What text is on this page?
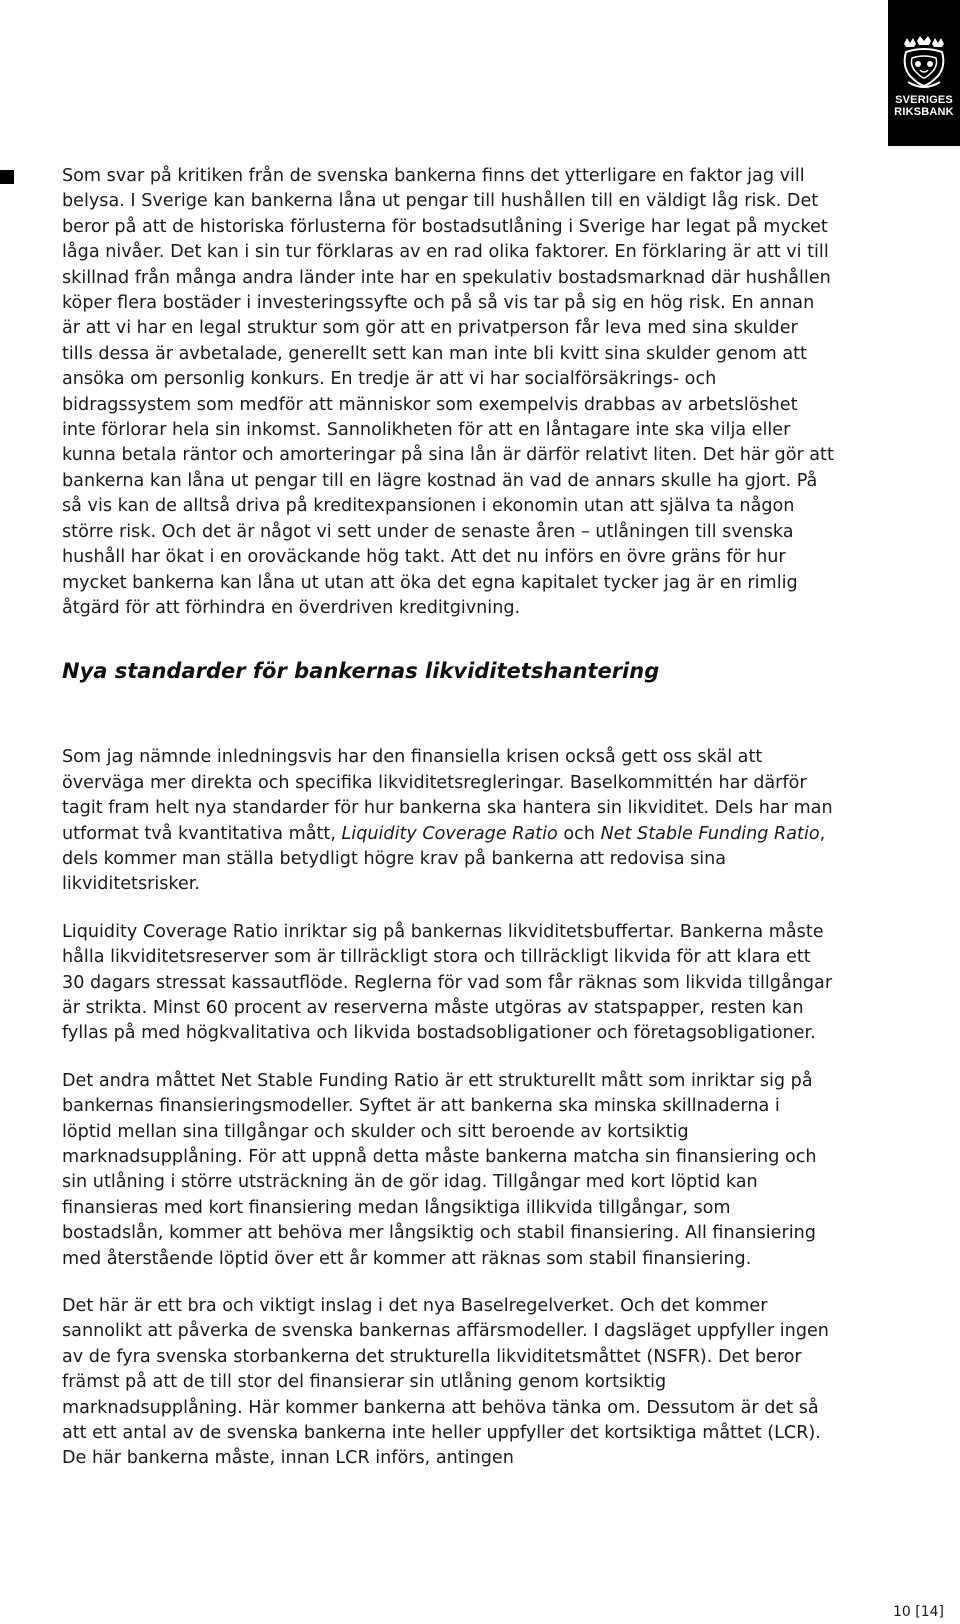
SVERIGES
RIKSBANK

Som svar på kritiken från de svenska bankerna finns det ytterligare en faktor jag vill belysa. I Sverige kan bankerna låna ut pengar till hushållen till en väldigt låg risk. Det beror på att de historiska förlusterna för bostadsutlåning i Sverige har legat på mycket låga nivåer. Det kan i sin tur förklaras av en rad olika faktorer. En förklaring är att vi till skillnad från många andra länder inte har en spekulativ bostadsmarknad där hushållen köper flera bostäder i investeringssyfte och på så vis tar på sig en hög risk. En annan är att vi har en legal struktur som gör att en privatperson får leva med sina skulder tills dessa är avbetalade, generellt sett kan man inte bli kvitt sina skulder genom att ansöka om personlig konkurs. En tredje är att vi har socialförsäkrings- och bidragssystem som medför att människor som exempelvis drabbas av arbetslöshet inte förlorar hela sin inkomst. Sannolikheten för att en låntagare inte ska vilja eller kunna betala räntor och amorteringar på sina lån är därför relativt liten. Det här gör att bankerna kan låna ut pengar till en lägre kostnad än vad de annars skulle ha gjort. På så vis kan de alltså driva på kreditexpansionen i ekonomin utan att själva ta någon större risk. Och det är något vi sett under de senaste åren – utlåningen till svenska hushåll har ökat i en oroväckande hög takt. Att det nu införs en övre gräns för hur mycket bankerna kan låna ut utan att öka det egna kapitalet tycker jag är en rimlig åtgärd för att förhindra en överdriven kreditgivning.

Nya standarder för bankernas likviditetshantering

Som jag nämnde inledningsvis har den finansiella krisen också gett oss skäl att överväga mer direkta och specifika likviditetsregleringar. Baselkommittén har därför tagit fram helt nya standarder för hur bankerna ska hantera sin likviditet. Dels har man utformat två kvantitativa mått, Liquidity Coverage Ratio och Net Stable Funding Ratio, dels kommer man ställa betydligt högre krav på bankerna att redovisa sina likviditetsrisker.

Liquidity Coverage Ratio inriktar sig på bankernas likviditetsbuffertar. Bankerna måste hålla likviditetsreserver som är tillräckligt stora och tillräckligt likvida för att klara ett 30 dagars stressat kassautflöde. Reglerna för vad som får räknas som likvida tillgångar är strikta. Minst 60 procent av reserverna måste utgöras av statspapper, resten kan fyllas på med högkvalitativa och likvida bostadsobligationer och företagsobligationer.

Det andra måttet Net Stable Funding Ratio är ett strukturellt mått som inriktar sig på bankernas finansieringsmodeller. Syftet är att bankerna ska minska skillnaderna i löptid mellan sina tillgångar och skulder och sitt beroende av kortsiktig marknadsupplåning. För att uppnå detta måste bankerna matcha sin finansiering och sin utlåning i större utsträckning än de gör idag. Tillgångar med kort löptid kan finansieras med kort finansiering medan långsiktiga illikvida tillgångar, som bostadslån, kommer att behöva mer långsiktig och stabil finansiering. All finansiering med återstående löptid över ett år kommer att räknas som stabil finansiering.

Det här är ett bra och viktigt inslag i det nya Baselregelverket. Och det kommer sannolikt att påverka de svenska bankernas affärsmodeller. I dagsläget uppfyller ingen av de fyra svenska storbankerna det strukturella likviditetsmåttet (NSFR). Det beror främst på att de till stor del finansierar sin utlåning genom kortsiktig marknadsupplåning. Här kommer bankerna att behöva tänka om. Dessutom är det så att ett antal av de svenska bankerna inte heller uppfyller det kortsiktiga måttet (LCR). De här bankerna måste, innan LCR införs, antingen

10 [14]
